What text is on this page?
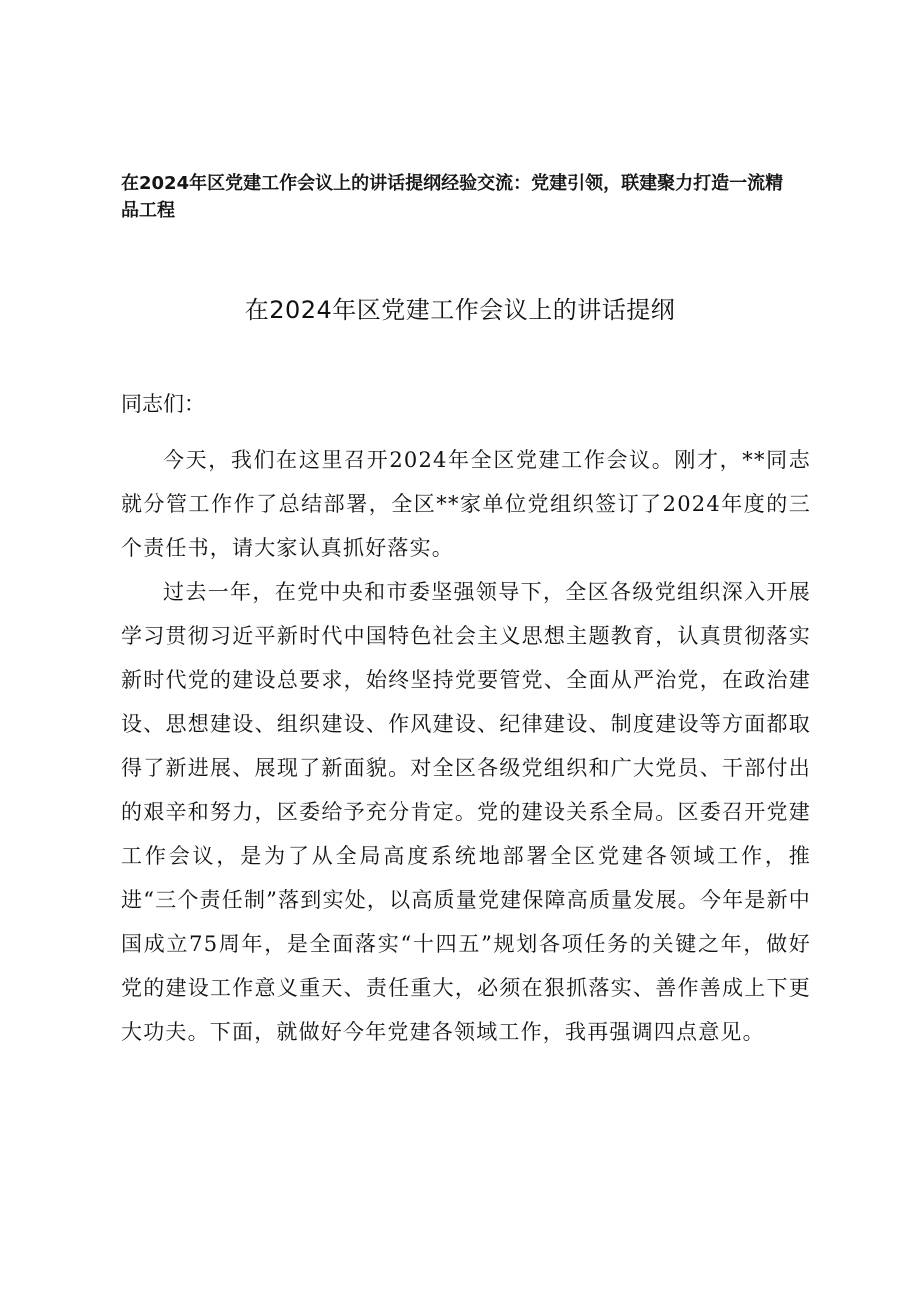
在2024年区党建工作会议上的讲话提纲经验交流：党建引领，联建聚力打造一流精品工程
在2024年区党建工作会议上的讲话提纲

同志们：

今天，我们在这里召开2024年全区党建工作会议。刚才，**同志就分管工作作了总结部署，全区**家单位党组织签订了2024年度的三个责任书，请大家认真抓好落实。

过去一年，在党中央和市委坚强领导下，全区各级党组织深入开展学习贯彻习近平新时代中国特色社会主义思想主题教育，认真贯彻落实新时代党的建设总要求，始终坚持党要管党、全面从严治党，在政治建设、思想建设、组织建设、作风建设、纪律建设、制度建设等方面都取得了新进展、展现了新面貌。对全区各级党组织和广大党员、干部付出的艰辛和努力，区委给予充分肯定。党的建设关系全局。区委召开党建工作会议，是为了从全局高度系统地部署全区党建各领域工作，推进“三个责任制”落到实处，以高质量党建保障高质量发展。今年是新中国成立75周年，是全面落实“十四五”规划各项任务的关键之年，做好党的建设工作意义重天、责任重大，必须在狠抓落实、善作善成上下更大功夫。下面，就做好今年党建各领域工作，我再强调四点意见。
